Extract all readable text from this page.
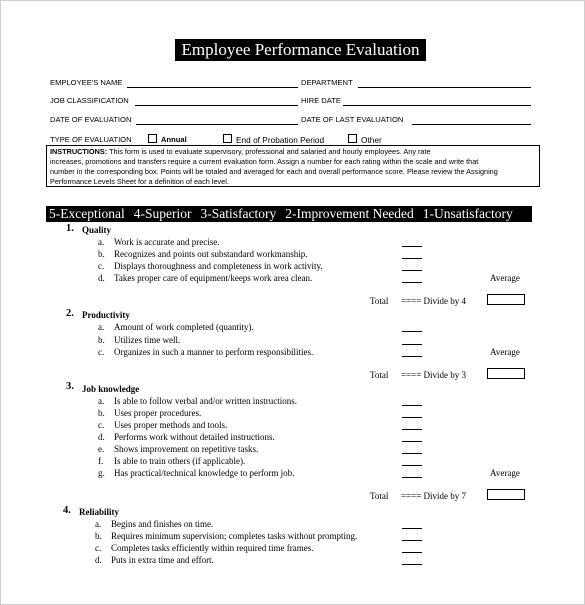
Employee Performance Evaluation
EMPLOYEE'S NAME	DEPARTMENT
JOB CLASSIFICATION	HIRE DATE
DATE OF EVALUATION	DATE OF LAST EVALUATION
TYPE OF EVALUATION	Annual	End of Probation Period	Other
INSTRUCTIONS: This form is used to evaluate supervisory, professional and salaried and hourly employees. Any rate
increases, promotions and transfers require a current evaluation form. Assign a number for each rating within the scale and write that
number in the corresponding box. Points will be totaled and averaged for each and overall performance score. Please review the Assigning
Performance Levels Sheet for a definition of each level.
5-Exceptional 4-Superior 3-Satisfactory 2-Improvement Needed 1-Unsatisfactory
1. Quality
a. Work is accurate and precise.
b. Recognizes and points out substandard workmanship.
c. Displays thoroughness and completeness in work activity.
d. Takes proper care of equipment/keeps work area clean.	Average
Total ==== Divide by 4
2. Productivity
a. Amount of work completed (quantity).
b. Utilizes time well.
c. Organizes in such a manner to perform responsibilities.	Average
Total ==== Divide by 3
3. Job knowledge
a. Is able to follow verbal and/or written instructions.
b. Uses proper procedures.
c. Uses proper methods and tools.
d. Performs work without detailed instructions.
e. Shows improvement on repetitive tasks.
f. Is able to train others (if applicable).
g. Has practical/technical knowledge to perform job.	Average
Total ==== Divide by 7
4. Reliability
a. Begins and finishes on time.
b. Requires minimum supervision; completes tasks without prompting.
c. Completes tasks efficiently within required time frames.
d. Puts in extra time and effort.
